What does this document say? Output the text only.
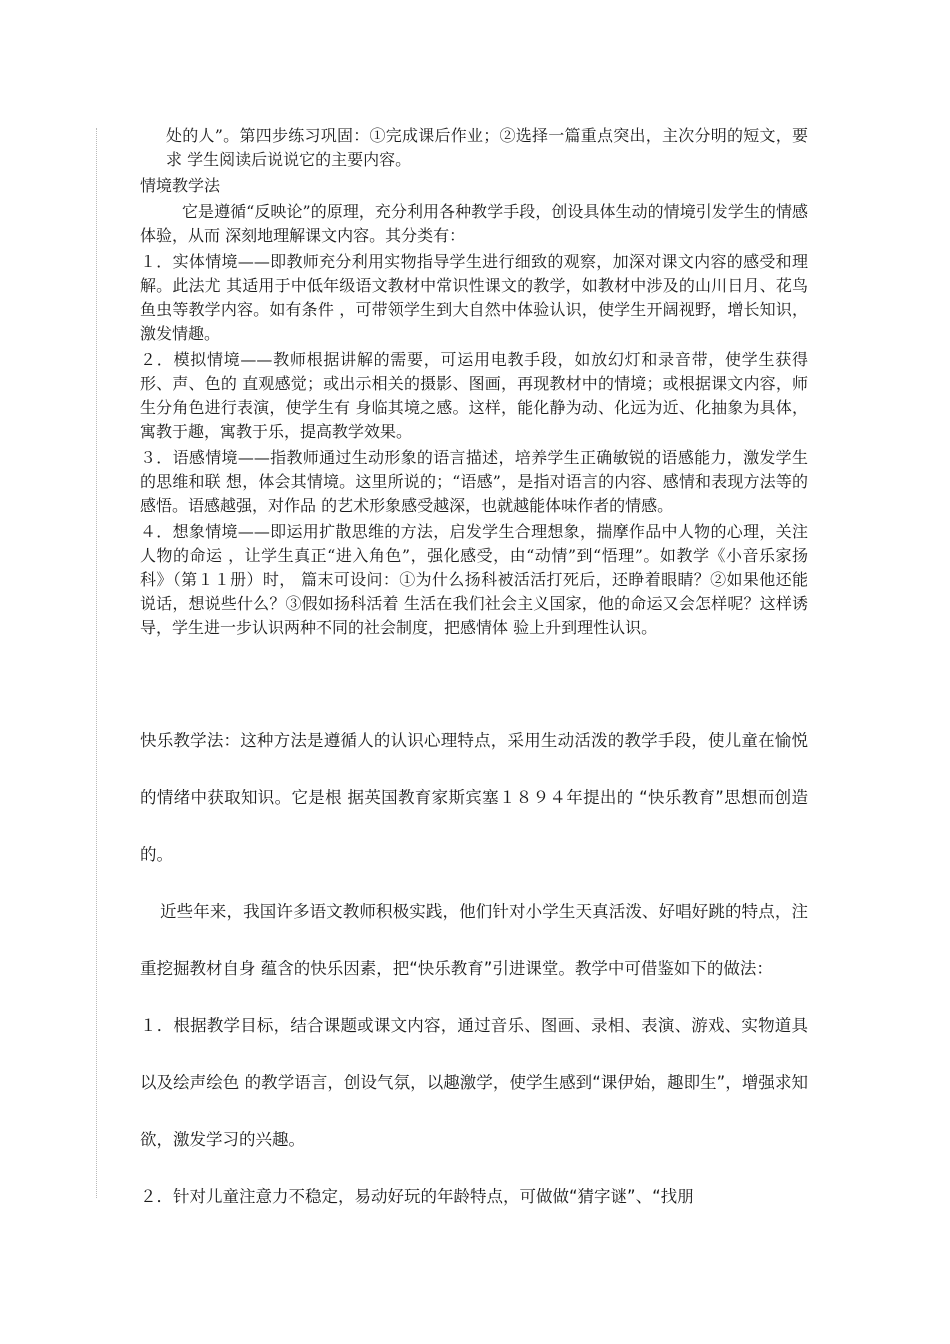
处的人”。第四步练习巩固：①完成课后作业；②选择一篇重点突出，主次分明的短文，要求 学生阅读后说说它的主要内容。

情境教学法

它是遵循“反映论”的原理，充分利用各种教学手段，创设具体生动的情境引发学生的情感体验，从而 深刻地理解课文内容。其分类有：

１．实体情境——即教师充分利用实物指导学生进行细致的观察，加深对课文内容的感受和理解。此法尤 其适用于中低年级语文教材中常识性课文的教学，如教材中涉及的山川日月、花鸟鱼虫等教学内容。如有条件 ，可带领学生到大自然中体验认识，使学生开阔视野，增长知识，激发情趣。

２．模拟情境——教师根据讲解的需要，可运用电教手段，如放幻灯和录音带，使学生获得形、声、色的 直观感觉；或出示相关的摄影、图画，再现教材中的情境；或根据课文内容，师生分角色进行表演，使学生有 身临其境之感。这样，能化静为动、化远为近、化抽象为具体，寓教于趣，寓教于乐，提高教学效果。

３．语感情境——指教师通过生动形象的语言描述，培养学生正确敏锐的语感能力，激发学生的思维和联 想，体会其情境。这里所说的；“语感”，是指对语言的内容、感情和表现方法等的感悟。语感越强，对作品 的艺术形象感受越深，也就越能体味作者的情感。

４．想象情境——即运用扩散思维的方法，启发学生合理想象，揣摩作品中人物的心理，关注人物的命运 ，让学生真正“进入角色”，强化感受，由“动情”到“悟理”。如教学《小音乐家扬科》（第１１册）时， 篇末可设问：①为什么扬科被活活打死后，还睁着眼睛？②如果他还能说话，想说些什么？③假如扬科活着 生活在我们社会主义国家，他的命运又会怎样呢？这样诱导，学生进一步认识两种不同的社会制度，把感情体 验上升到理性认识。

快乐教学法：这种方法是遵循人的认识心理特点，采用生动活泼的教学手段，使儿童在愉悦的情绪中获取知识。它是根 据英国教育家斯宾塞１８９４年提出的 “快乐教育”思想而创造的。

近些年来，我国许多语文教师积极实践，他们针对小学生天真活泼、好唱好跳的特点，注重挖掘教材自身 蕴含的快乐因素，把“快乐教育”引进课堂。教学中可借鉴如下的做法：

１．根据教学目标，结合课题或课文内容，通过音乐、图画、录相、表演、游戏、实物道具以及绘声绘色 的教学语言，创设气氛，以趣激学，使学生感到“课伊始，趣即生”，增强求知欲，激发学习的兴趣。

２．针对儿童注意力不稳定，易动好玩的年龄特点，可做做“猜字谜”、“找朋
